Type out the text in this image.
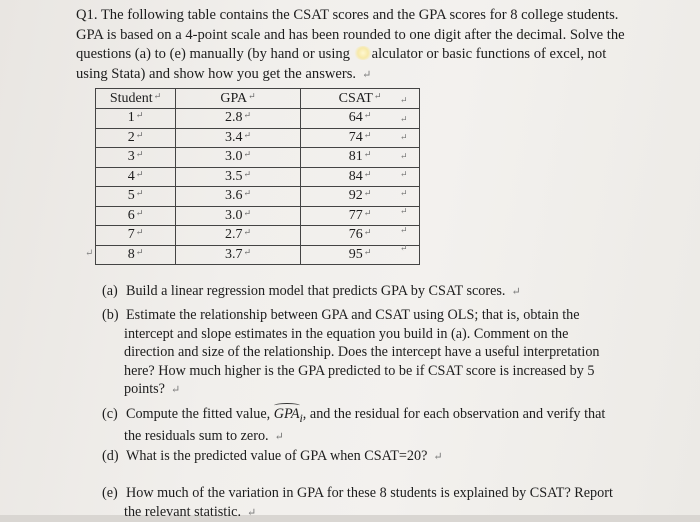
Q1. The following table contains the CSAT scores and the GPA scores for 8 college students.
GPA is based on a 4-point scale and has been rounded to one digit after the decimal. Solve the
questions (a) to (e) manually (by hand or using alculator or basic functions of excel, not
using Stata) and show how you get the answers. ↵
Student↵	GPA↵	CSAT↵
1↵	2.8↵	64↵
2↵	3.4↵	74↵
3↵	3.0↵	81↵
4↵	3.5↵	84↵
5↵	3.6↵	92↵
6↵	3.0↵	77↵
7↵	2.7↵	76↵
8↵	3.7↵	95↵
↵
↵
↵
↵
↵
↵
↵
↵
↵
↵
(a) Build a linear regression model that predicts GPA by CSAT scores. ↵
(b) Estimate the relationship between GPA and CSAT using OLS; that is, obtain the
intercept and slope estimates in the equation you build in (a). Comment on the
direction and size of the relationship. Does the intercept have a useful interpretation
here? How much higher is the GPA predicted to be if CSAT score is increased by 5
points? ↵
(c) Compute the fitted value, $GPA_i$, and the residual for each observation and verify that
the residuals sum to zero. ↵
(d) What is the predicted value of GPA when CSAT=20? ↵
(e) How much of the variation in GPA for these 8 students is explained by CSAT? Report
the relevant statistic. ↵
